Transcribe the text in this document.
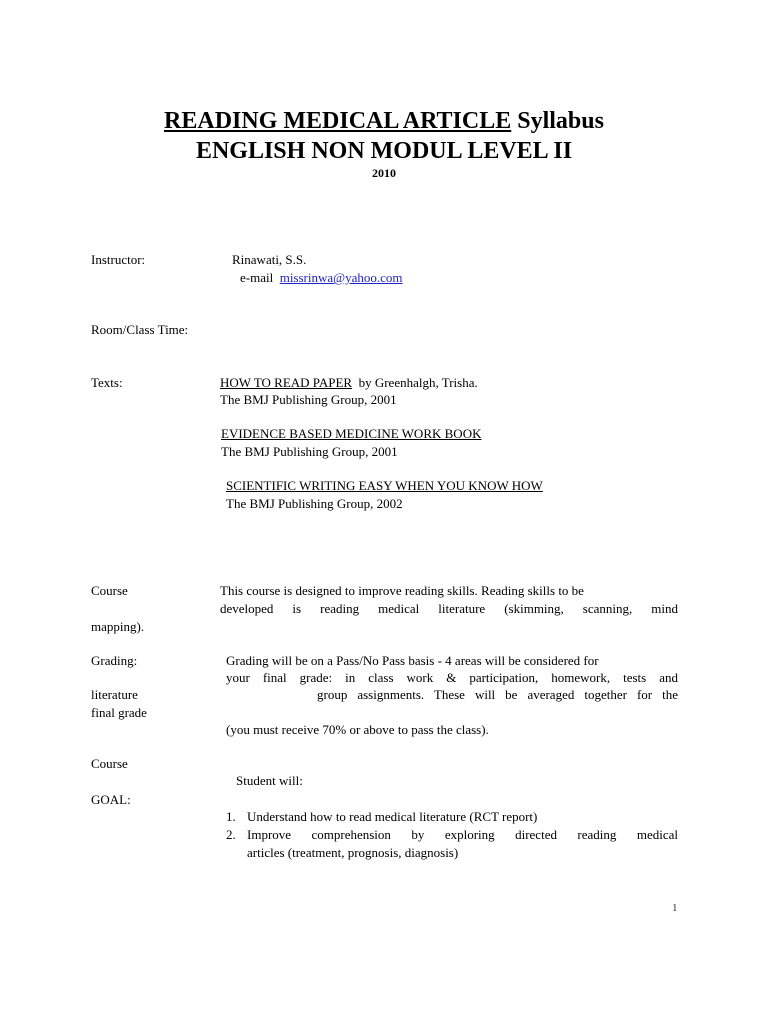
READING MEDICAL ARTICLE Syllabus
ENGLISH NON MODUL LEVEL II
2010
Instructor:	Rinawati, S.S.
e-mail missrinwa@yahoo.com
Room/Class Time:
Texts:	HOW TO READ PAPER by Greenhalgh, Trisha.
The BMJ Publishing Group, 2001
EVIDENCE BASED MEDICINE WORK BOOK
The BMJ Publishing Group, 2001
SCIENTIFIC WRITING EASY WHEN YOU KNOW HOW
The BMJ Publishing Group, 2002
Course	This course is designed to improve reading skills. Reading skills to be
developed is reading medical literature (skimming, scanning, mind
mapping).
Grading:	Grading will be on a Pass/No Pass basis - 4 areas will be considered for
your final grade: in class work & participation, homework, tests and
literature	group assignments. These will be averaged together for the
final grade
(you must receive 70% or above to pass the class).
Course
Student will:
GOAL:
1. Understand how to read medical literature (RCT report)
2. Improve comprehension by exploring directed reading medical
articles (treatment, prognosis, diagnosis)
1
